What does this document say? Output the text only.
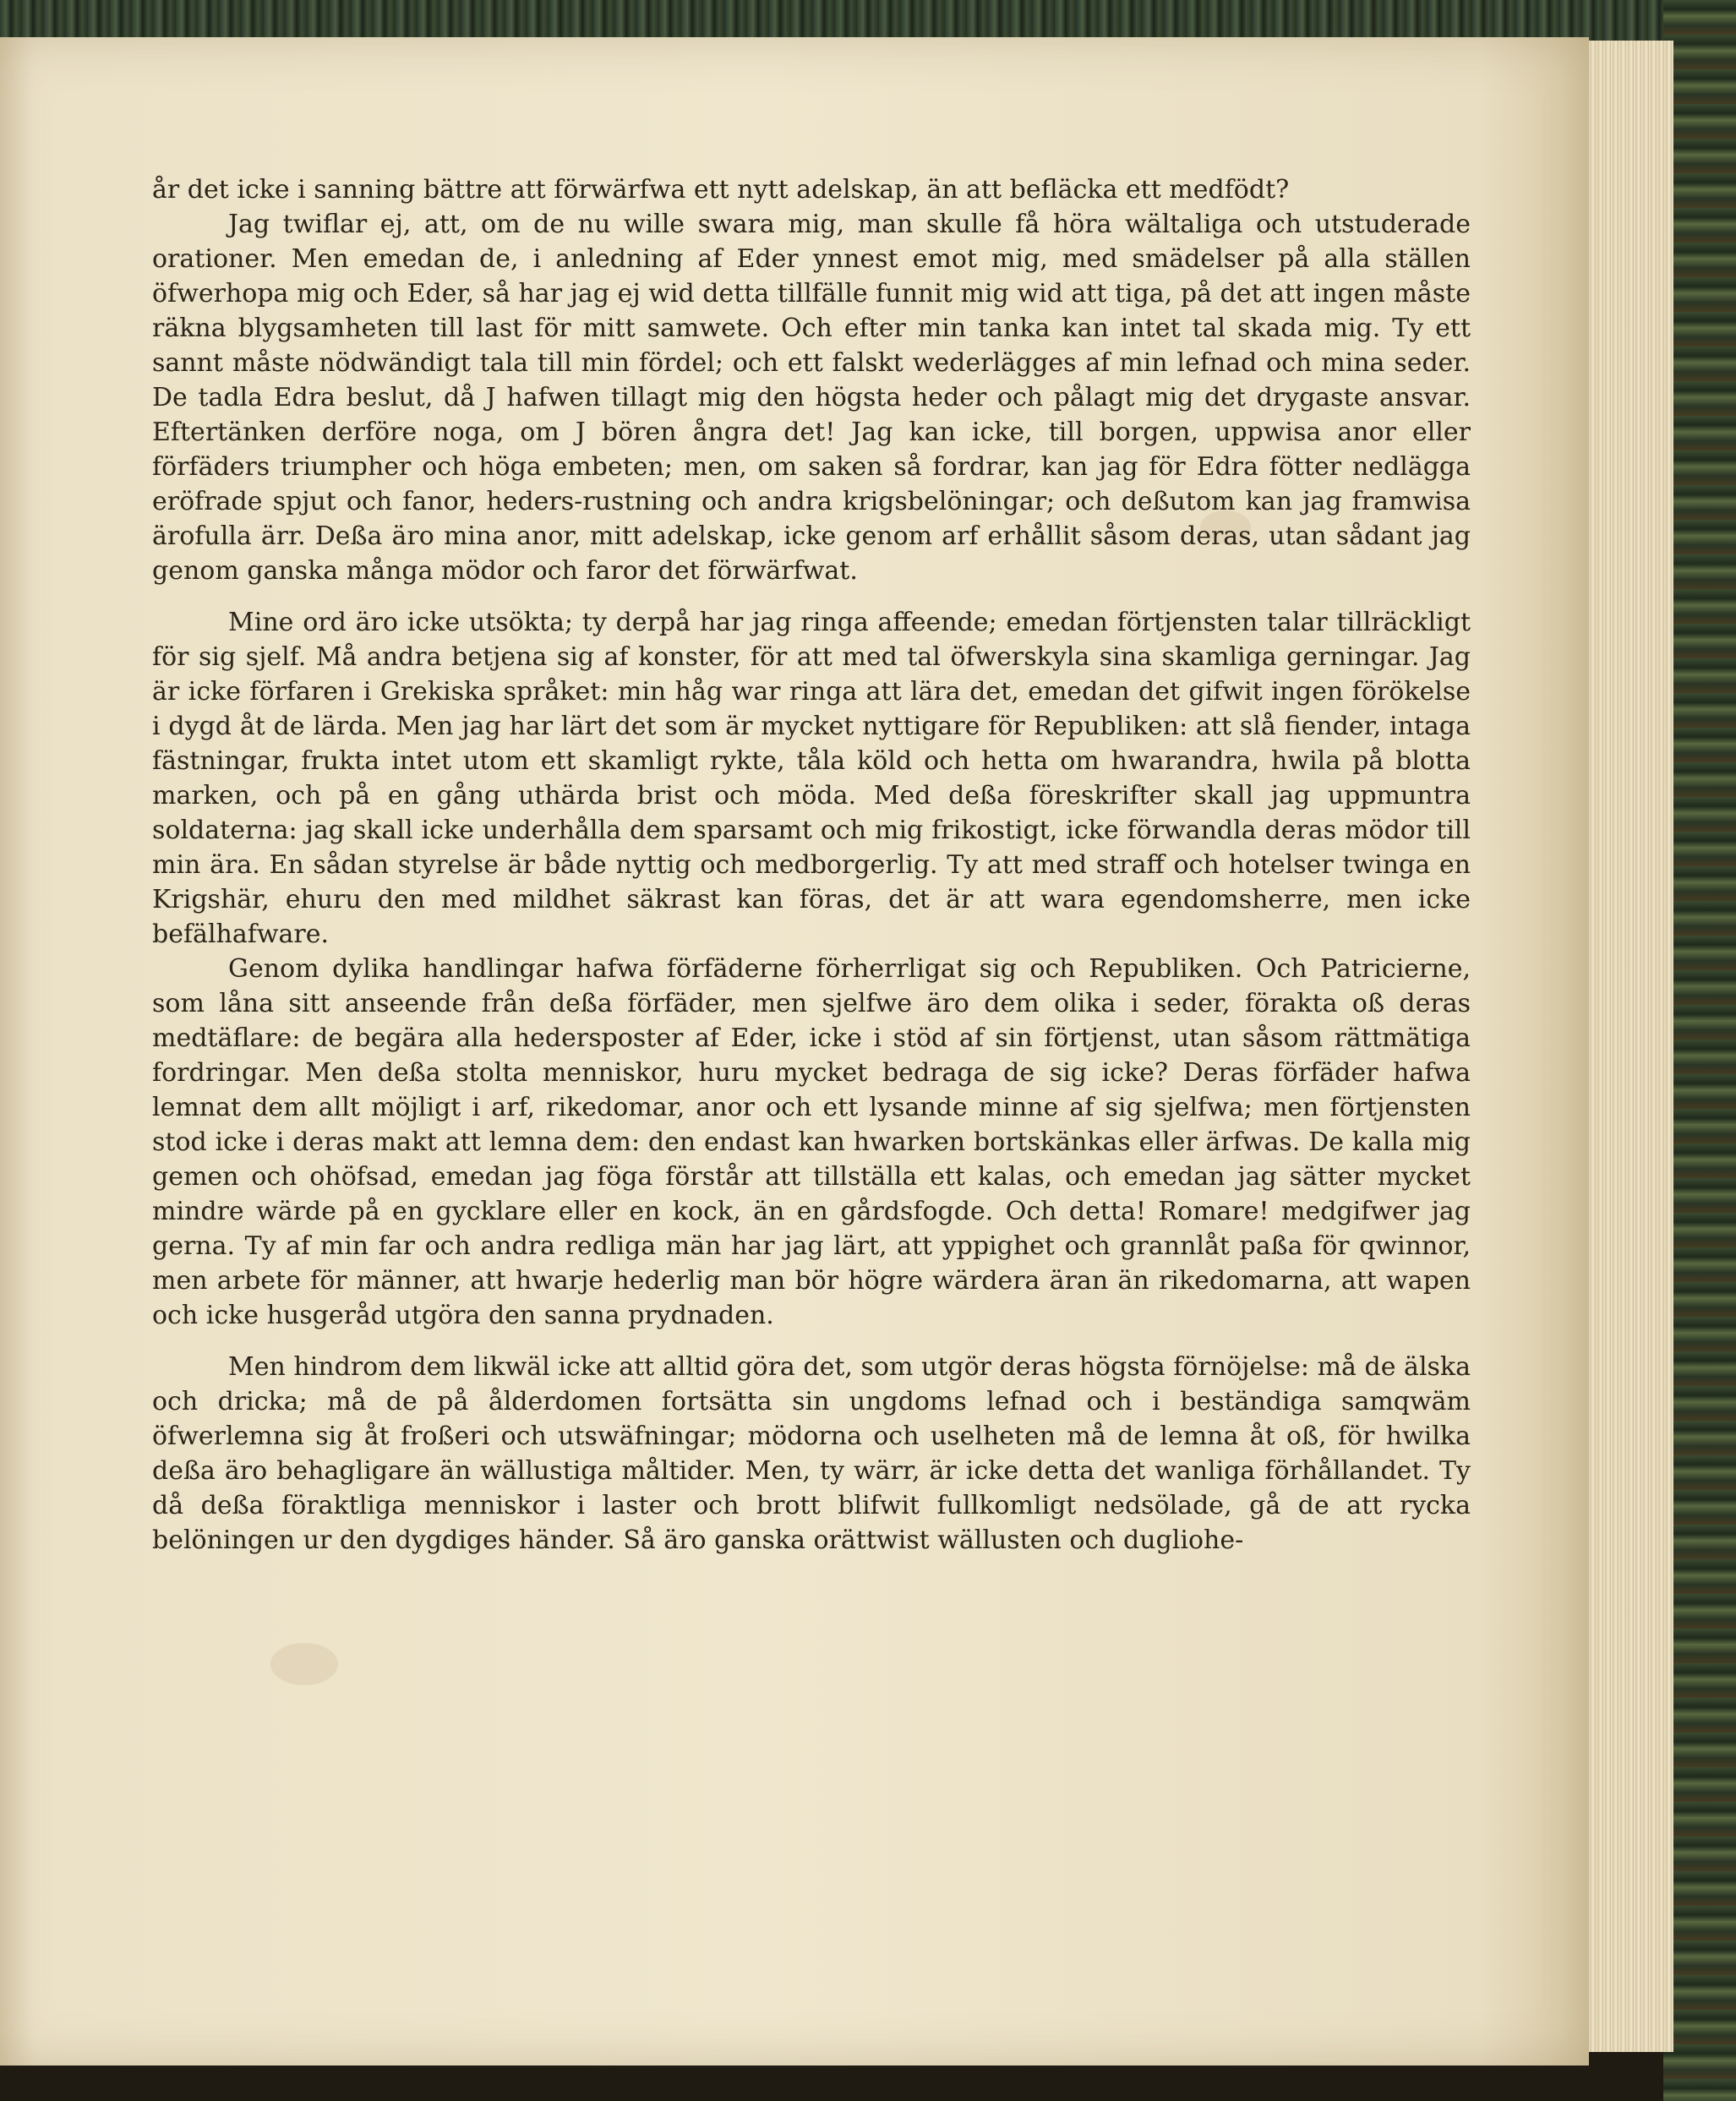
år det icke i sanning bättre att förwärfwa ett nytt adelskap, än att befläcka ett medfödt?

Jag twiflar ej, att, om de nu wille swara mig, man skulle få höra wältaliga och utstuderade orationer. Men emedan de, i anledning af Eder ynnest emot mig, med smädelser på alla ställen öfwerhopa mig och Eder, så har jag ej wid detta tillfälle funnit mig wid att tiga, på det att ingen måste räkna blygsamheten till last för mitt samwete. Och efter min tanka kan intet tal skada mig. Ty ett sannt måste nödwändigt tala till min fördel; och ett falskt wederlägges af min lefnad och mina seder. De tadla Edra beslut, då J hafwen tillagt mig den högsta heder och pålagt mig det drygaste ansvar. Eftertänken derföre noga, om J bören ångra det! Jag kan icke, till borgen, uppwisa anor eller förfäders triumpher och höga embeten; men, om saken så fordrar, kan jag för Edra fötter nedlägga eröfrade spjut och fanor, heders-rustning och andra krigsbelöningar; och deßutom kan jag framwisa ärofulla ärr. Deßa äro mina anor, mitt adelskap, icke genom arf erhållit såsom deras, utan sådant jag genom ganska många mödor och faror det förwärfwat.

Mine ord äro icke utsökta; ty derpå har jag ringa affeende; emedan förtjensten talar tillräckligt för sig sjelf. Må andra betjena sig af konster, för att med tal öfwerskyla sina skamliga gerningar. Jag är icke förfaren i Grekiska språket: min håg war ringa att lära det, emedan det gifwit ingen förökelse i dygd åt de lärda. Men jag har lärt det som är mycket nyttigare för Republiken: att slå fiender, intaga fästningar, frukta intet utom ett skamligt rykte, tåla köld och hetta om hwarandra, hwila på blotta marken, och på en gång uthärda brist och möda. Med deßa föreskrifter skall jag uppmuntra soldaterna: jag skall icke underhålla dem sparsamt och mig frikostigt, icke förwandla deras mödor till min ära. En sådan styrelse är både nyttig och medborgerlig. Ty att med straff och hotelser twinga en Krigshär, ehuru den med mildhet säkrast kan föras, det är att wara egendomsherre, men icke befälhafware.

Genom dylika handlingar hafwa förfäderne förherrligat sig och Republiken. Och Patricierne, som låna sitt anseende från deßa förfäder, men sjelfwe äro dem olika i seder, förakta oß deras medtäflare: de begära alla hedersposter af Eder, icke i stöd af sin förtjenst, utan såsom rättmätiga fordringar. Men deßa stolta menniskor, huru mycket bedraga de sig icke? Deras förfäder hafwa lemnat dem allt möjligt i arf, rikedomar, anor och ett lysande minne af sig sjelfwa; men förtjensten stod icke i deras makt att lemna dem: den endast kan hwarken bortskänkas eller ärfwas. De kalla mig gemen och ohöfsad, emedan jag föga förstår att tillställa ett kalas, och emedan jag sätter mycket mindre wärde på en gycklare eller en kock, än en gårdsfogde. Och detta! Romare! medgifwer jag gerna. Ty af min far och andra redliga män har jag lärt, att yppighet och grannlåt paßa för qwinnor, men arbete för männer, att hwarje hederlig man bör högre wärdera äran än rikedomarna, att wapen och icke husgeråd utgöra den sanna prydnaden.

Men hindrom dem likwäl icke att alltid göra det, som utgör deras högsta förnöjelse: må de älska och dricka; må de på ålderdomen fortsätta sin ungdoms lefnad och i beständiga samqwäm öfwerlemna sig åt froßeri och utswäfningar; mödorna och uselheten må de lemna åt oß, för hwilka deßa äro behagligare än wällustiga måltider. Men, ty wärr, är icke detta det wanliga förhållandet. Ty då deßa föraktliga menniskor i laster och brott blifwit fullkomligt nedsölade, gå de att rycka belöningen ur den dygdiges händer. Så äro ganska orättwist wällusten och dugliohe-
